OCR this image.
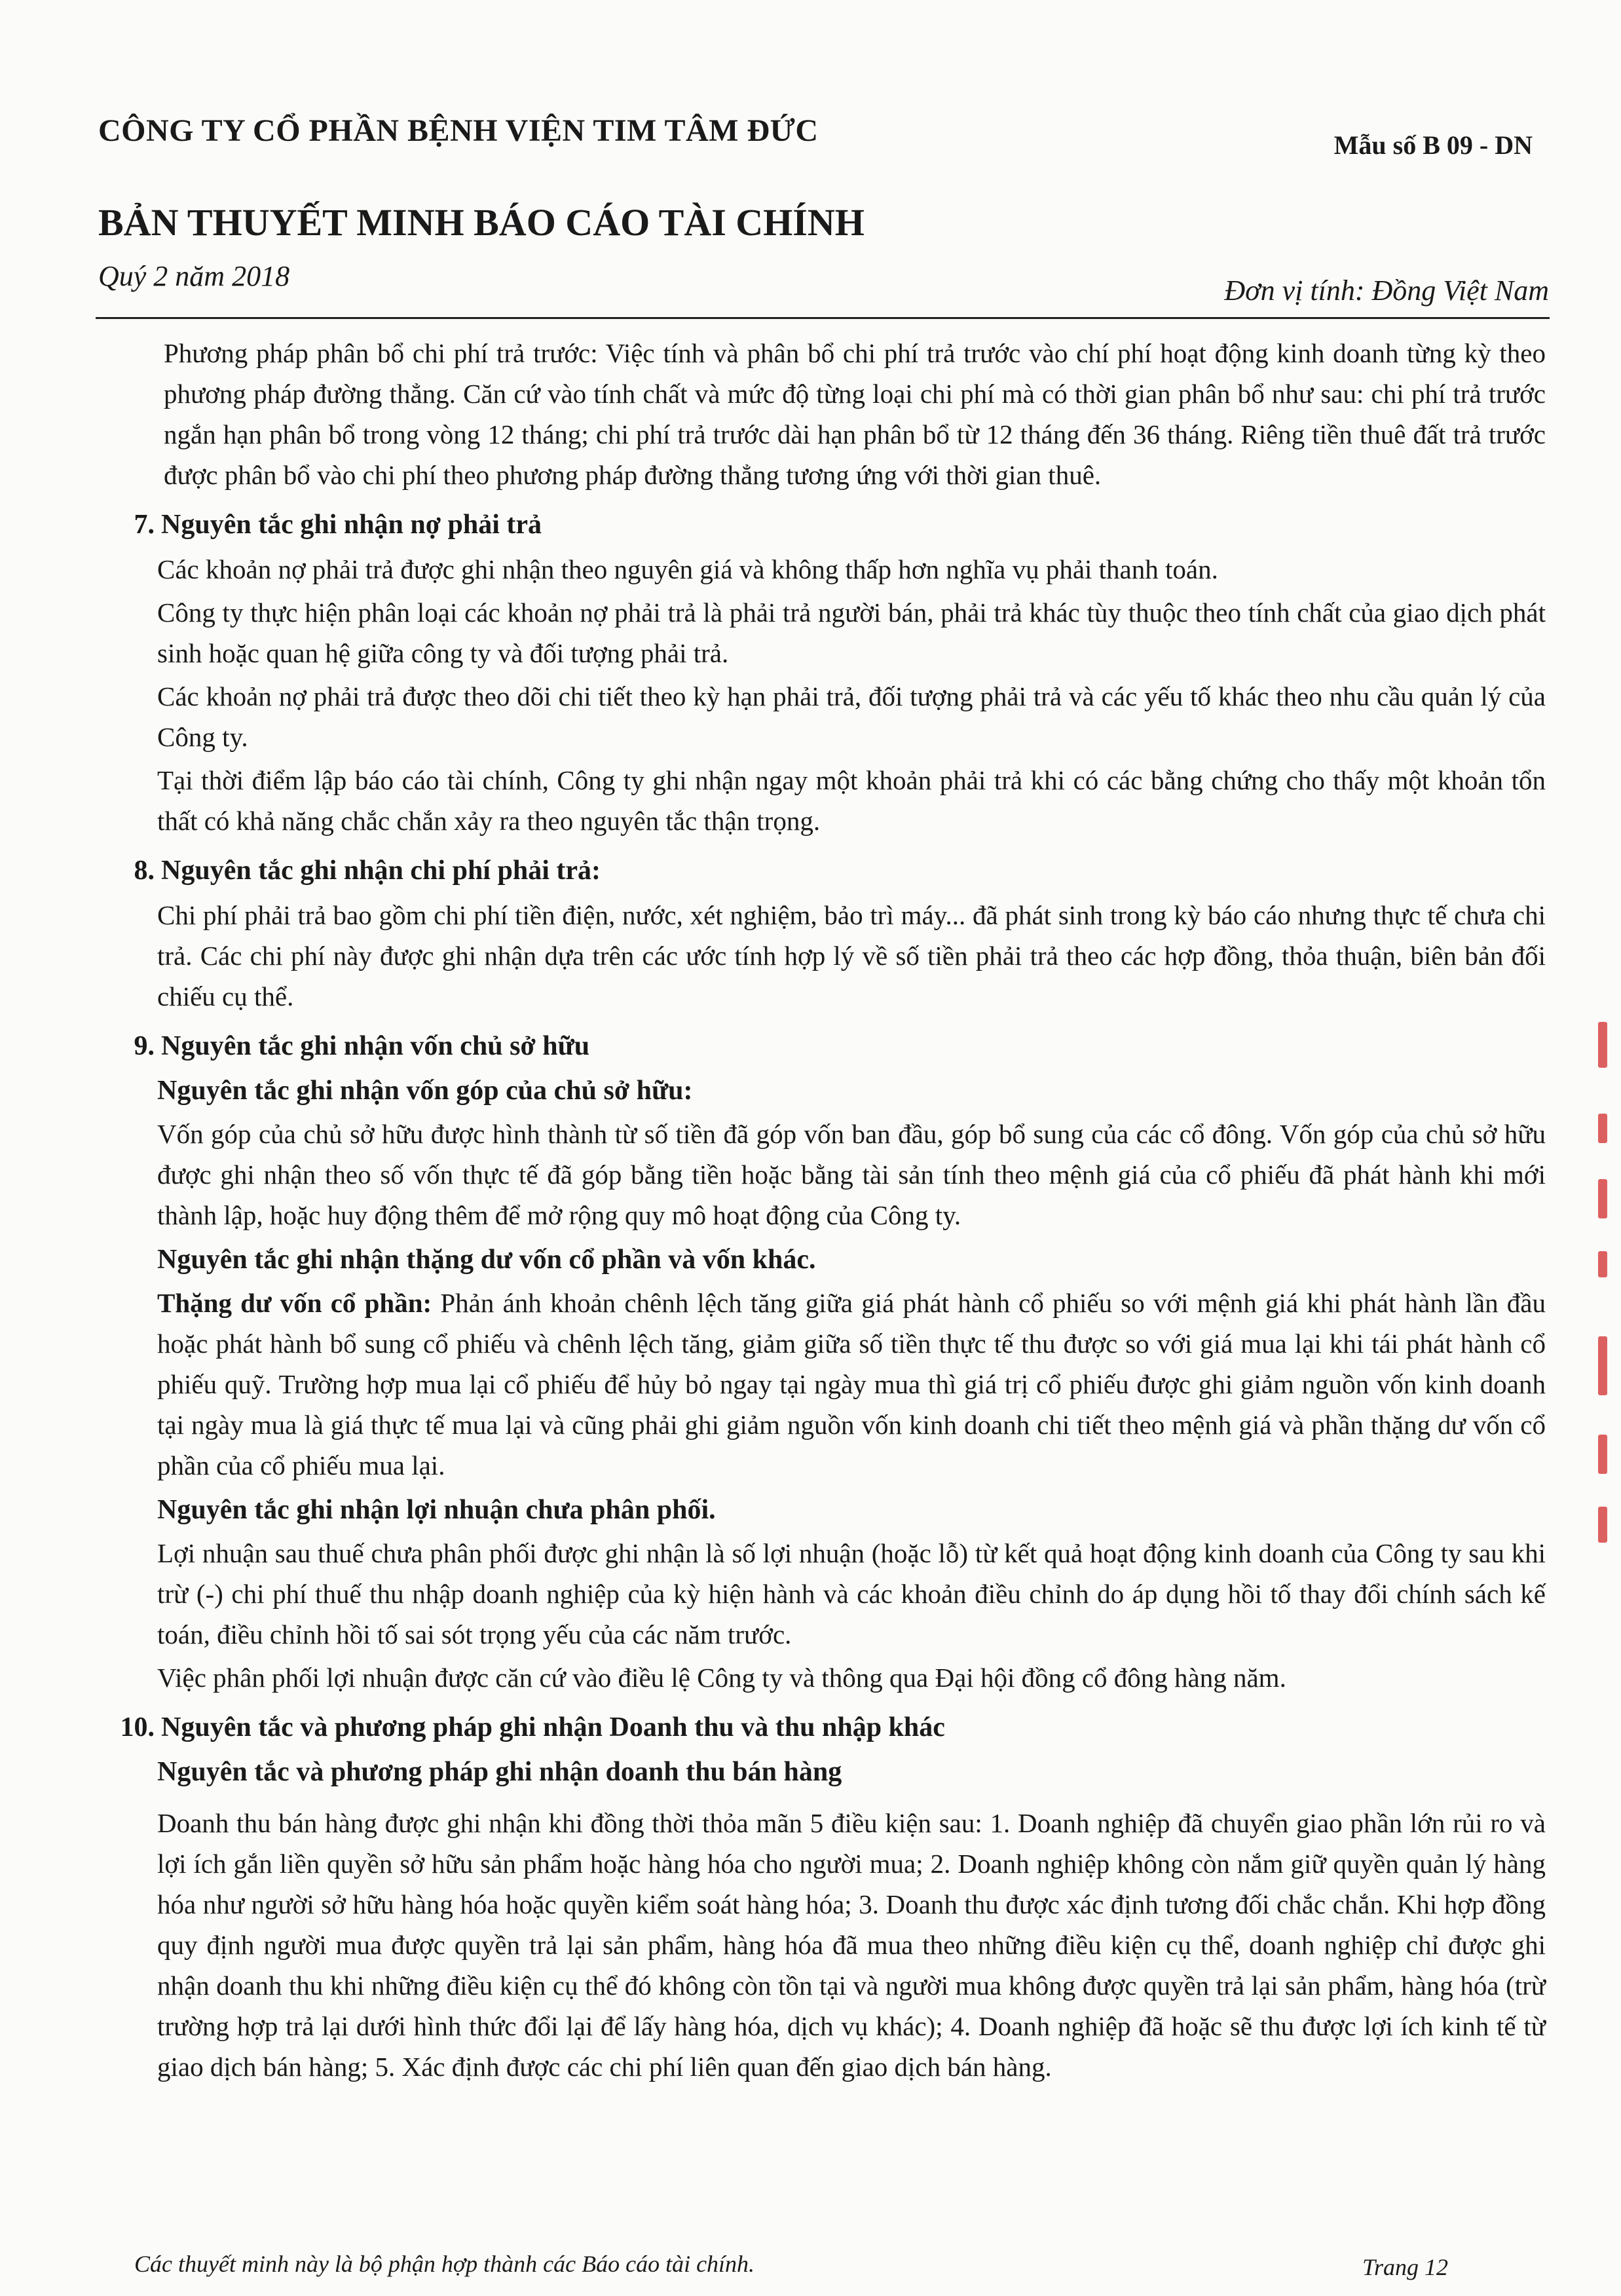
CÔNG TY CỔ PHẦN BỆNH VIỆN TIM TÂM ĐỨC	Mẫu số B 09 - DN
BẢN THUYẾT MINH BÁO CÁO TÀI CHÍNH
Quý 2 năm 2018	Đơn vị tính: Đồng Việt Nam

Phương pháp phân bổ chi phí trả trước: Việc tính và phân bổ chi phí trả trước vào chí phí hoạt động kinh doanh từng kỳ theo phương pháp đường thẳng. Căn cứ vào tính chất và mức độ từng loại chi phí mà có thời gian phân bổ như sau: chi phí trả trước ngắn hạn phân bổ trong vòng 12 tháng; chi phí trả trước dài hạn phân bổ từ 12 tháng đến 36 tháng. Riêng tiền thuê đất trả trước được phân bổ vào chi phí theo phương pháp đường thẳng tương ứng với thời gian thuê.

7. Nguyên tắc ghi nhận nợ phải trả

Các khoản nợ phải trả được ghi nhận theo nguyên giá và không thấp hơn nghĩa vụ phải thanh toán.

Công ty thực hiện phân loại các khoản nợ phải trả là phải trả người bán, phải trả khác tùy thuộc theo tính chất của giao dịch phát sinh hoặc quan hệ giữa công ty và đối tượng phải trả.

Các khoản nợ phải trả được theo dõi chi tiết theo kỳ hạn phải trả, đối tượng phải trả và các yếu tố khác theo nhu cầu quản lý của Công ty.

Tại thời điểm lập báo cáo tài chính, Công ty ghi nhận ngay một khoản phải trả khi có các bằng chứng cho thấy một khoản tổn thất có khả năng chắc chắn xảy ra theo nguyên tắc thận trọng.

8. Nguyên tắc ghi nhận chi phí phải trả:

Chi phí phải trả bao gồm chi phí tiền điện, nước, xét nghiệm, bảo trì máy... đã phát sinh trong kỳ báo cáo nhưng thực tế chưa chi trả. Các chi phí này được ghi nhận dựa trên các ước tính hợp lý về số tiền phải trả theo các hợp đồng, thỏa thuận, biên bản đối chiếu cụ thể.

9. Nguyên tắc ghi nhận vốn chủ sở hữu

Nguyên tắc ghi nhận vốn góp của chủ sở hữu:

Vốn góp của chủ sở hữu được hình thành từ số tiền đã góp vốn ban đầu, góp bổ sung của các cổ đông. Vốn góp của chủ sở hữu được ghi nhận theo số vốn thực tế đã góp bằng tiền hoặc bằng tài sản tính theo mệnh giá của cổ phiếu đã phát hành khi mới thành lập, hoặc huy động thêm để mở rộng quy mô hoạt động của Công ty.

Nguyên tắc ghi nhận thặng dư vốn cổ phần và vốn khác.

Thặng dư vốn cổ phần: Phản ánh khoản chênh lệch tăng giữa giá phát hành cổ phiếu so với mệnh giá khi phát hành lần đầu hoặc phát hành bổ sung cổ phiếu và chênh lệch tăng, giảm giữa số tiền thực tế thu được so với giá mua lại khi tái phát hành cổ phiếu quỹ. Trường hợp mua lại cổ phiếu để hủy bỏ ngay tại ngày mua thì giá trị cổ phiếu được ghi giảm nguồn vốn kinh doanh tại ngày mua là giá thực tế mua lại và cũng phải ghi giảm nguồn vốn kinh doanh chi tiết theo mệnh giá và phần thặng dư vốn cổ phần của cổ phiếu mua lại.

Nguyên tắc ghi nhận lợi nhuận chưa phân phối.

Lợi nhuận sau thuế chưa phân phối được ghi nhận là số lợi nhuận (hoặc lỗ) từ kết quả hoạt động kinh doanh của Công ty sau khi trừ (-) chi phí thuế thu nhập doanh nghiệp của kỳ hiện hành và các khoản điều chỉnh do áp dụng hồi tố thay đổi chính sách kế toán, điều chỉnh hồi tố sai sót trọng yếu của các năm trước.

Việc phân phối lợi nhuận được căn cứ vào điều lệ Công ty và thông qua Đại hội đồng cổ đông hàng năm.

10. Nguyên tắc và phương pháp ghi nhận Doanh thu và thu nhập khác

Nguyên tắc và phương pháp ghi nhận doanh thu bán hàng

Doanh thu bán hàng được ghi nhận khi đồng thời thỏa mãn 5 điều kiện sau: 1. Doanh nghiệp đã chuyển giao phần lớn rủi ro và lợi ích gắn liền quyền sở hữu sản phẩm hoặc hàng hóa cho người mua; 2. Doanh nghiệp không còn nắm giữ quyền quản lý hàng hóa như người sở hữu hàng hóa hoặc quyền kiểm soát hàng hóa; 3. Doanh thu được xác định tương đối chắc chắn. Khi hợp đồng quy định người mua được quyền trả lại sản phẩm, hàng hóa đã mua theo những điều kiện cụ thể, doanh nghiệp chỉ được ghi nhận doanh thu khi những điều kiện cụ thể đó không còn tồn tại và người mua không được quyền trả lại sản phẩm, hàng hóa (trừ trường hợp trả lại dưới hình thức đổi lại để lấy hàng hóa, dịch vụ khác); 4. Doanh nghiệp đã hoặc sẽ thu được lợi ích kinh tế từ giao dịch bán hàng; 5. Xác định được các chi phí liên quan đến giao dịch bán hàng.

Các thuyết minh này là bộ phận hợp thành các Báo cáo tài chính.	Trang 12
